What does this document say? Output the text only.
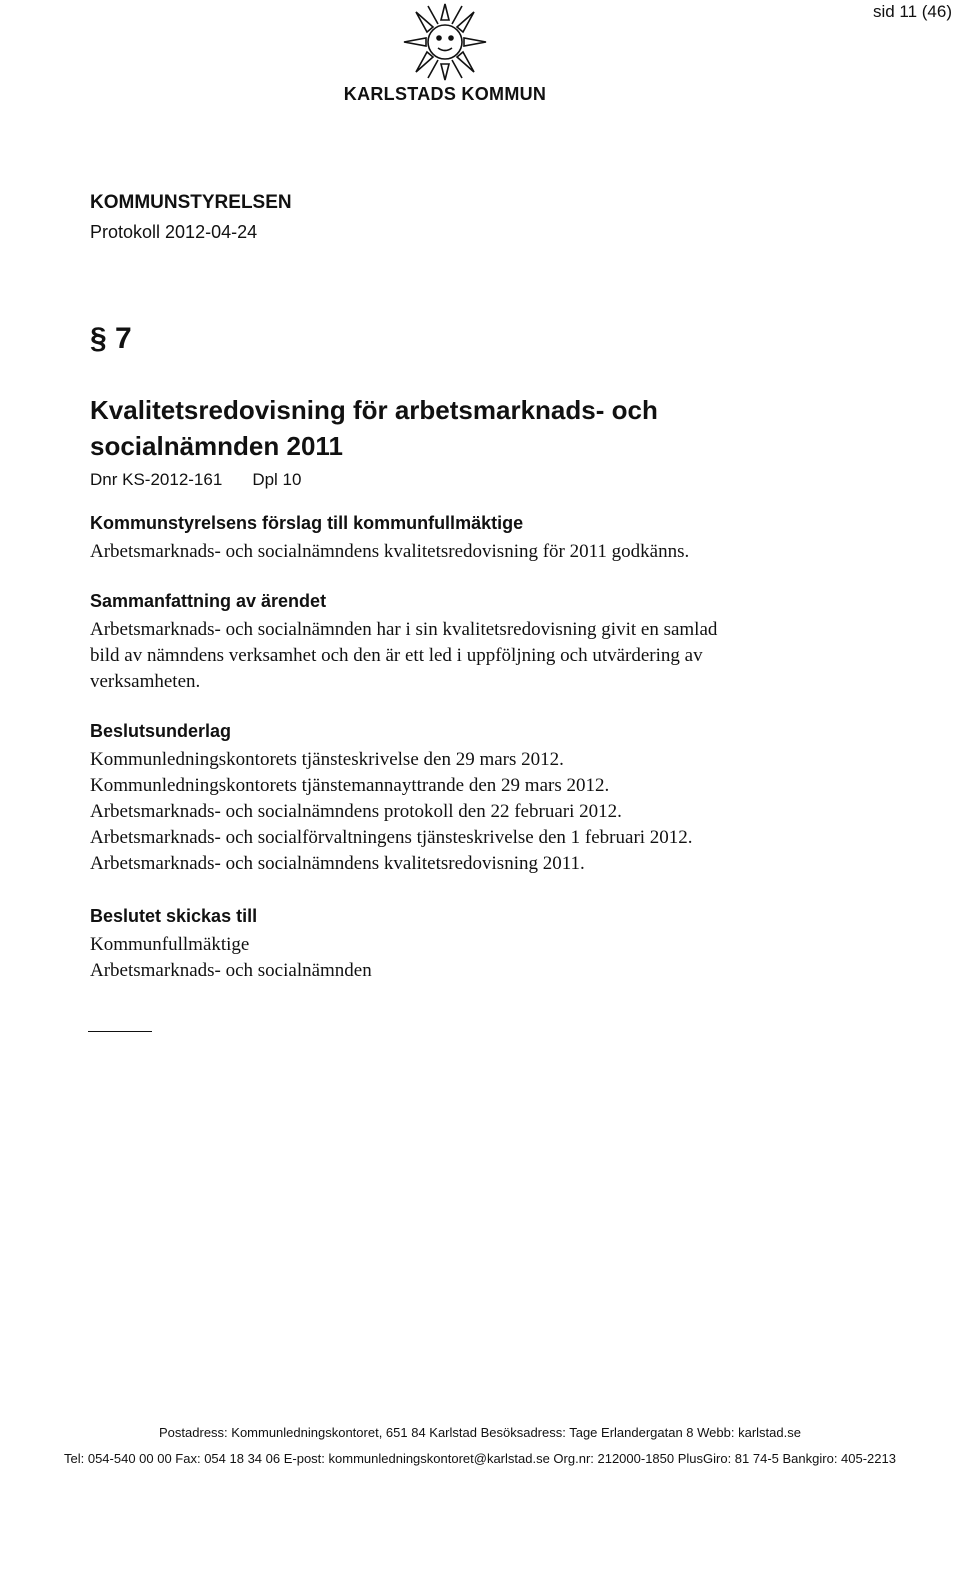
sid 11 (46)
KARLSTADS KOMMUN
KOMMUNSTYRELSEN
Protokoll 2012-04-24
§ 7
Kvalitetsredovisning för arbetsmarknads- och
socialnämnden 2011
Dnr KS-2012-161 Dpl 10
Kommunstyrelsens förslag till kommunfullmäktige
Arbetsmarknads- och socialnämndens kvalitetsredovisning för 2011 godkänns.
Sammanfattning av ärendet
Arbetsmarknads- och socialnämnden har i sin kvalitetsredovisning givit en samlad
bild av nämndens verksamhet och den är ett led i uppföljning och utvärdering av
verksamheten.
Beslutsunderlag
Kommunledningskontorets tjänsteskrivelse den 29 mars 2012.
Kommunledningskontorets tjänstemannayttrande den 29 mars 2012.
Arbetsmarknads- och socialnämndens protokoll den 22 februari 2012.
Arbetsmarknads- och socialförvaltningens tjänsteskrivelse den 1 februari 2012.
Arbetsmarknads- och socialnämndens kvalitetsredovisning 2011.
Beslutet skickas till
Kommunfullmäktige
Arbetsmarknads- och socialnämnden
Postadress: Kommunledningskontoret, 651 84 Karlstad Besöksadress: Tage Erlandergatan 8 Webb: karlstad.se
Tel: 054-540 00 00 Fax: 054 18 34 06 E-post: kommunledningskontoret@karlstad.se Org.nr: 212000-1850 PlusGiro: 81 74-5 Bankgiro: 405-2213
